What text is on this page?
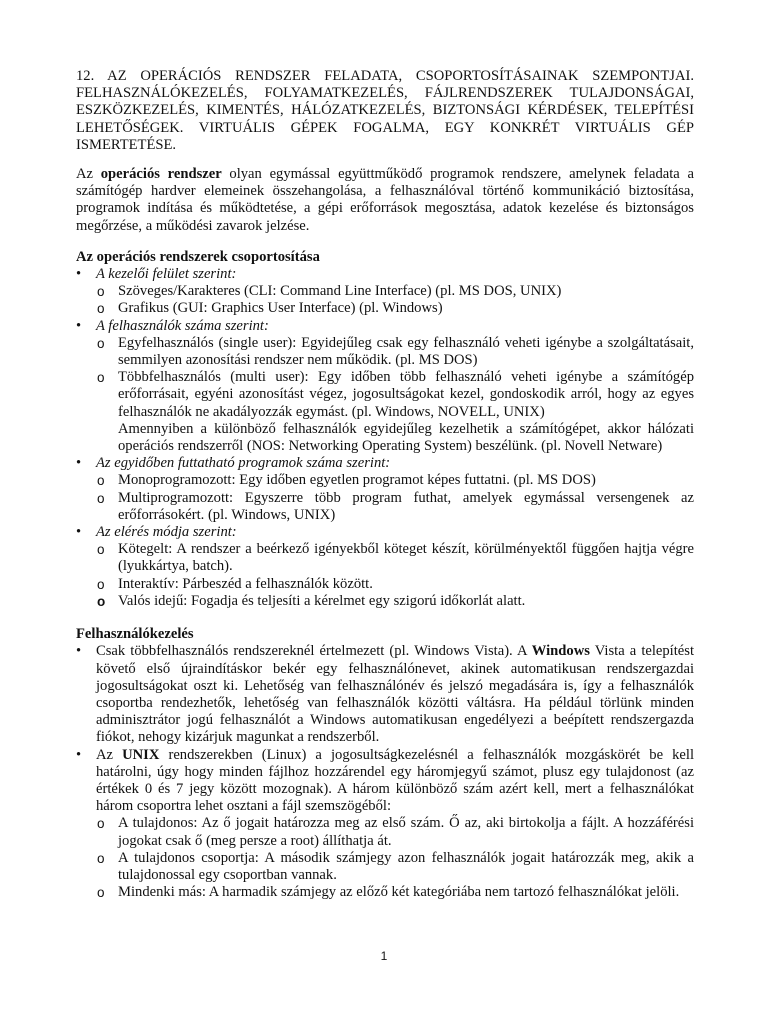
12. AZ OPERÁCIÓS RENDSZER FELADATA, CSOPORTOSÍTÁSAINAK SZEMPONTJAI. FELHASZNÁLÓKEZELÉS, FOLYAMATKEZELÉS, FÁJLRENDSZEREK TULAJDONSÁGAI, ESZKÖZKEZELÉS, KIMENTÉS, HÁLÓZATKEZELÉS, BIZTONSÁGI KÉRDÉSEK, TELEPÍTÉSI LEHETŐSÉGEK. VIRTUÁLIS GÉPEK FOGALMA, EGY KONKRÉT VIRTUÁLIS GÉP ISMERTETÉSE.

Az operációs rendszer olyan egymással együttműködő programok rendszere, amelynek feladata a számítógép hardver elemeinek összehangolása, a felhasználóval történő kommunikáció biztosítása, programok indítása és működtetése, a gépi erőforrások megosztása, adatok kezelése és biztonságos megőrzése, a működési zavarok jelzése.

Az operációs rendszerek csoportosítása
•	A kezelői felület szerint:
o Szöveges/Karakteres (CLI: Command Line Interface) (pl. MS DOS, UNIX)
o Grafikus (GUI: Graphics User Interface) (pl. Windows)
•	A felhasználók száma szerint:
o Egyfelhasználós (single user): Egyidejűleg csak egy felhasználó veheti igénybe a szolgáltatásait, semmilyen azonosítási rendszer nem működik. (pl. MS DOS)
o Többfelhasználós (multi user): Egy időben több felhasználó veheti igénybe a számítógép erőforrásait, egyéni azonosítást végez, jogosultságokat kezel, gondoskodik arról, hogy az egyes felhasználók ne akadályozzák egymást. (pl. Windows, NOVELL, UNIX)
Amennyiben a különböző felhasználók egyidejűleg kezelhetik a számítógépet, akkor hálózati operációs rendszerről (NOS: Networking Operating System) beszélünk. (pl. Novell Netware)
•	Az egyidőben futtatható programok száma szerint:
o Monoprogramozott: Egy időben egyetlen programot képes futtatni. (pl. MS DOS)
o Multiprogramozott: Egyszerre több program futhat, amelyek egymással versengenek az erőforrásokért. (pl. Windows, UNIX)
•	Az elérés módja szerint:
o Kötegelt: A rendszer a beérkező igényekből köteget készít, körülményektől függően hajtja végre (lyukkártya, batch).
o Interaktív: Párbeszéd a felhasználók között.
o Valós idejű: Fogadja és teljesíti a kérelmet egy szigorú időkorlát alatt.
Felhasználókezelés
•	Csak többfelhasználós rendszereknél értelmezett (pl. Windows Vista). A Windows Vista a telepítést követő első újraindításkor bekér egy felhasználónevet, akinek automatikusan rendszergazdai jogosultságokat oszt ki. Lehetőség van felhasználónév és jelszó megadására is, így a felhasználók csoportba rendezhetők, lehetőség van felhasználók közötti váltásra. Ha például törlünk minden adminisztrátor jogú felhasználót a Windows automatikusan engedélyezi a beépített rendszergazda fiókot, nehogy kizárjuk magunkat a rendszerből.
•	Az UNIX rendszerekben (Linux) a jogosultságkezelésnél a felhasználók mozgáskörét be kell határolni, úgy hogy minden fájlhoz hozzárendel egy háromjegyű számot, plusz egy tulajdonost (az értékek 0 és 7 jegy között mozognak). A három különböző szám azért kell, mert a felhasználókat három csoportra lehet osztani a fájl szemszögéből:
o A tulajdonos: Az ő jogait határozza meg az első szám. Ő az, aki birtokolja a fájlt. A hozzáférési jogokat csak ő (meg persze a root) állíthatja át.
o A tulajdonos csoportja: A második számjegy azon felhasználók jogait határozzák meg, akik a tulajdonossal egy csoportban vannak.
o Mindenki más: A harmadik számjegy az előző két kategóriába nem tartozó felhasználókat jelöli.
1
